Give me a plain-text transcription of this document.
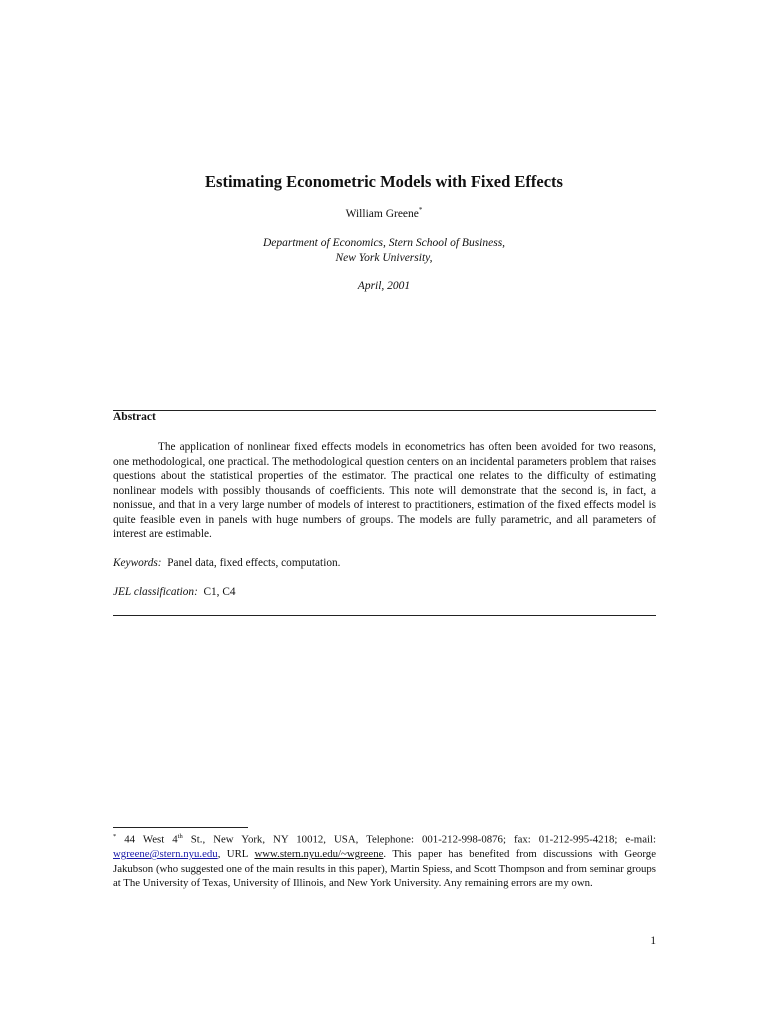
Estimating Econometric Models with Fixed Effects
William Greene*
Department of Economics, Stern School of Business,
New York University,
April, 2001
Abstract

The application of nonlinear fixed effects models in econometrics has often been avoided for two reasons, one methodological, one practical. The methodological question centers on an incidental parameters problem that raises questions about the statistical properties of the estimator. The practical one relates to the difficulty of estimating nonlinear models with possibly thousands of coefficients. This note will demonstrate that the second is, in fact, a nonissue, and that in a very large number of models of interest to practitioners, estimation of the fixed effects model is quite feasible even in panels with huge numbers of groups. The models are fully parametric, and all parameters of interest are estimable.

Keywords: Panel data, fixed effects, computation.
JEL classification: C1, C4

* 44 West 4th St., New York, NY 10012, USA, Telephone: 001-212-998-0876; fax: 01-212-995-4218; e-mail: wgreene@stern.nyu.edu, URL www.stern.nyu.edu/~wgreene. This paper has benefited from discussions with George Jakubson (who suggested one of the main results in this paper), Martin Spiess, and Scott Thompson and from seminar groups at The University of Texas, University of Illinois, and New York University. Any remaining errors are my own.

1
